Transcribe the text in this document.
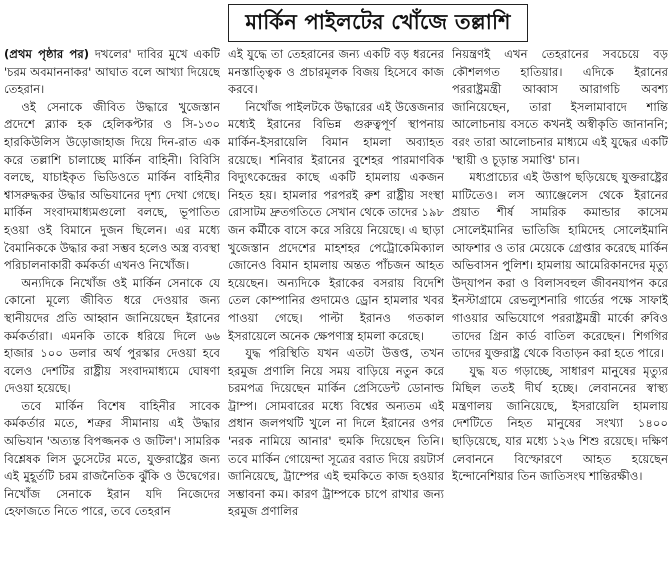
মার্কিন পাইলটের খোঁজে তল্লাশি

(প্রথম পৃষ্ঠার পর) দখলের' দাবির মুখে একটি 'চরম অবমাননাকর' আঘাত বলে আখ্যা দিয়েছে তেহরান।

ওই সেনাকে জীবিত উদ্ধারে খুজেস্তান প্রদেশে ব্ল্যাক হক হেলিকপ্টার ও সি-১৩০ হারকিউলিস উড়োজাহাজ দিয়ে দিন-রাত এক করে তল্লাশি চালাচ্ছে মার্কিন বাহিনী। বিবিসি বলছে, যাচাইকৃত ভিডিওতে মার্কিন বাহিনীর শ্বাসরুদ্ধকর উদ্ধার অভিযানের দৃশ্য দেখা গেছে। মার্কিন সংবাদমাধ্যমগুলো বলছে, ভূপাতিত হওয়া ওই বিমানে দুজন ছিলেন। এর মধ্যে বৈমানিককে উদ্ধার করা সম্ভব হলেও অস্ত্র ব্যবস্থা পরিচালনাকারী কর্মকর্তা এখনও নিখোঁজ।

অন্যদিকে নিখোঁজ ওই মার্কিন সেনাকে যে কোনো মূল্যে জীবিত ধরে দেওয়ার জন্য স্থানীয়দের প্রতি আহ্বান জানিয়েছেন ইরানের কর্মকর্তারা। এমনকি তাকে ধরিয়ে দিলে ৬৬ হাজার ১০০ ডলার অর্থ পুরস্কার দেওয়া হবে বলেও দেশটির রাষ্ট্রীয় সংবাদমাধ্যমে ঘোষণা দেওয়া হয়েছে।

তবে মার্কিন বিশেষ বাহিনীর সাবেক কর্মকর্তার মতে, শত্রুর সীমানায় এই উদ্ধার অভিযান 'অত্যন্ত বিপজ্জনক ও জটিল'। সামরিক বিশ্লেষক লিস ডুসেটের মতে, যুক্তরাষ্ট্রের জন্য এই মুহূর্তটি চরম রাজনৈতিক ঝুঁকি ও উদ্বেগের। নিখোঁজ সেনাকে ইরান যদি নিজেদের হেফাজতে নিতে পারে, তবে তেহরান

এই যুদ্ধে তা তেহরানের জন্য একটি বড় ধরনের মনস্তাত্ত্বিক ও প্রচারমূলক বিজয় হিসেবে কাজ করবে।

নিখোঁজ পাইলটকে উদ্ধারের এই উত্তেজনার মধ্যেই ইরানের বিভিন্ন গুরুত্বপূর্ণ স্থাপনায় মার্কিন-ইসরায়েলি বিমান হামলা অব্যাহত রয়েছে। শনিবার ইরানের বুশেহর পারমাণবিক বিদ্যুৎকেন্দ্রের কাছে একটি হামলায় একজন নিহত হয়। হামলার পরপরই রুশ রাষ্ট্রীয় সংস্থা রোসাটম দ্রুতগতিতে সেখান থেকে তাদের ১৯৮ জন কর্মীকে বাসে করে সরিয়ে নিয়েছে। এ ছাড়া খুজেস্তান প্রদেশের মাহশহর পেট্রোকেমিক্যাল জোনেও বিমান হামলায় অন্তত পাঁচজন আহত হয়েছেন। অন্যদিকে ইরাকের বসরায় বিদেশি তেল কোম্পানির গুদামেও ড্রোন হামলার খবর পাওয়া গেছে। পাল্টা ইরানও গতকাল ইসরায়েলে অনেক ক্ষেপণাস্ত্র হামলা করেছে।

যুদ্ধ পরিস্থিতি যখন এতটা উত্তপ্ত, তখন হরমুজ প্রণালি নিয়ে সময় বাড়িয়ে নতুন করে চরমপত্র দিয়েছেন মার্কিন প্রেসিডেন্ট ডোনাল্ড ট্রাম্প। সোমবারের মধ্যে বিশ্বের অন্যতম এই প্রধান জলপথটি খুলে না দিলে ইরানের ওপর 'নরক নামিয়ে আনার' হুমকি দিয়েছেন তিনি। তবে মার্কিন গোয়েন্দা সূত্রের বরাত দিয়ে রয়টার্স জানিয়েছে, ট্রাম্পের এই হুমকিতে কাজ হওয়ার সম্ভাবনা কম। কারণ ট্রাম্পকে চাপে রাখার জন্য হরমুজ প্রণালির

নিয়ন্ত্রণই এখন তেহরানের সবচেয়ে বড় কৌশলগত হাতিয়ার। এদিকে ইরানের পররাষ্ট্রমন্ত্রী আব্বাস আরাগচি অবশ্য জানিয়েছেন, তারা ইসলামাবাদে শান্তি আলোচনায় বসতে কখনই অস্বীকৃতি জানাননি; বরং তারা আলোচনার মাধ্যমে এই যুদ্ধের একটি 'স্থায়ী ও চূড়ান্ত সমাপ্তি' চান।

মধ্যপ্রাচ্যের এই উত্তাপ ছড়িয়েছে যুক্তরাষ্ট্রের মাটিতেও। লস অ্যাঞ্জেলেস থেকে ইরানের প্রয়াত শীর্ষ সামরিক কমান্ডার কাসেম সোলেইমানির ভাতিজি হামিদেহ সোলেইমানি আফশার ও তার মেয়েকে গ্রেপ্তার করেছে মার্কিন অভিবাসন পুলিশ। হামলায় আমেরিকানদের মৃত্যু উদ্‌যাপন করা ও বিলাসবহুল জীবনযাপন করে ইনস্টাগ্রামে রেভল্যুশনারি গার্ডের পক্ষে সাফাই গাওয়ার অভিযোগে পররাষ্ট্রমন্ত্রী মার্কো রুবিও তাদের গ্রিন কার্ড বাতিল করেছেন। শিগগির তাদের যুক্তরাষ্ট্র থেকে বিতাড়ন করা হতে পারে।

যুদ্ধ যত গড়াচ্ছে, সাধারণ মানুষের মৃত্যুর মিছিল ততই দীর্ঘ হচ্ছে। লেবাননের স্বাস্থ্য মন্ত্রণালয় জানিয়েছে, ইসরায়েলি হামলায় দেশটিতে নিহত মানুষের সংখ্যা ১৪০০ ছাড়িয়েছে, যার মধ্যে ১২৬ শিশু রয়েছে। দক্ষিণ লেবাননে বিস্ফোরণে আহত হয়েছেন ইন্দোনেশিয়ার তিন জাতিসংঘ শান্তিরক্ষীও।
